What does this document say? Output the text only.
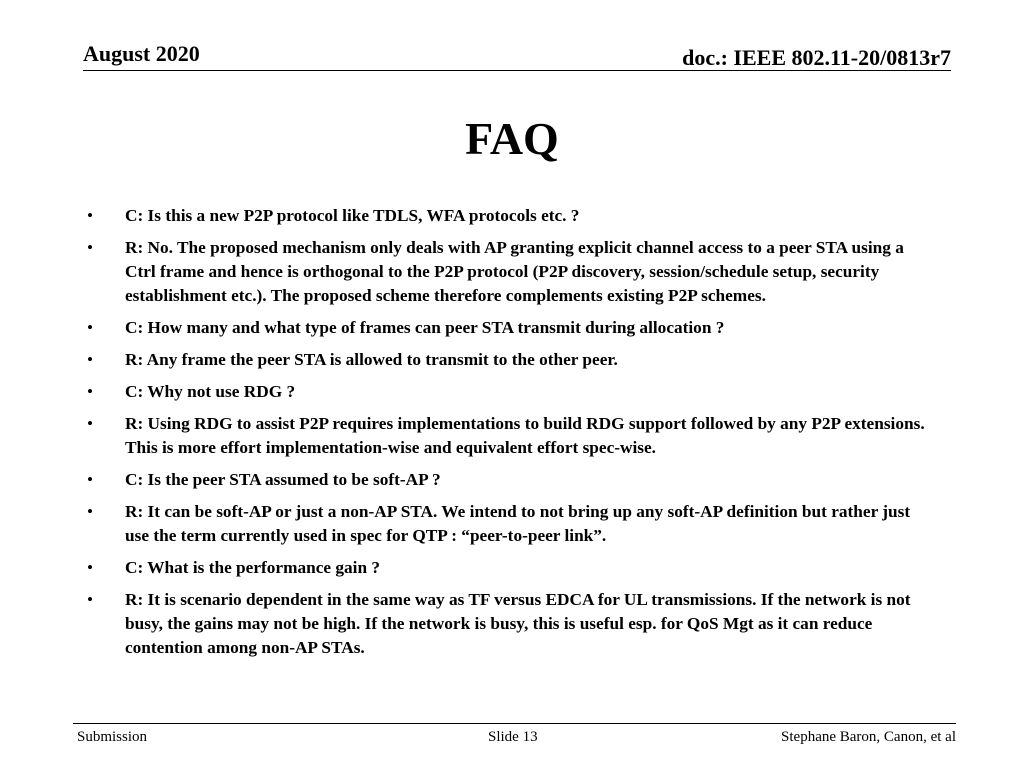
August 2020	doc.: IEEE 802.11-20/0813r7
FAQ
• C: Is this a new P2P protocol like TDLS, WFA protocols etc. ?
• R: No. The proposed mechanism only deals with AP granting explicit channel access to a peer STA using a Ctrl frame and hence is orthogonal to the P2P protocol (P2P discovery, session/schedule setup, security establishment etc.). The proposed scheme therefore complements existing P2P schemes.
• C: How many and what type of frames can peer STA transmit during allocation ?
• R: Any frame the peer STA is allowed to transmit to the other peer.
• C: Why not use RDG ?
• R: Using RDG to assist P2P requires implementations to build RDG support followed by any P2P extensions. This is more effort implementation-wise and equivalent effort spec-wise.
• C: Is the peer STA assumed to be soft-AP ?
• R: It can be soft-AP or just a non-AP STA. We intend to not bring up any soft-AP definition but rather just use the term currently used in spec for QTP : “peer-to-peer link”.
• C: What is the performance gain ?
• R: It is scenario dependent in the same way as TF versus EDCA for UL transmissions. If the network is not busy, the gains may not be high. If the network is busy, this is useful esp. for QoS Mgt as it can reduce contention among non-AP STAs.
Submission	Slide 13	Stephane Baron, Canon, et al
